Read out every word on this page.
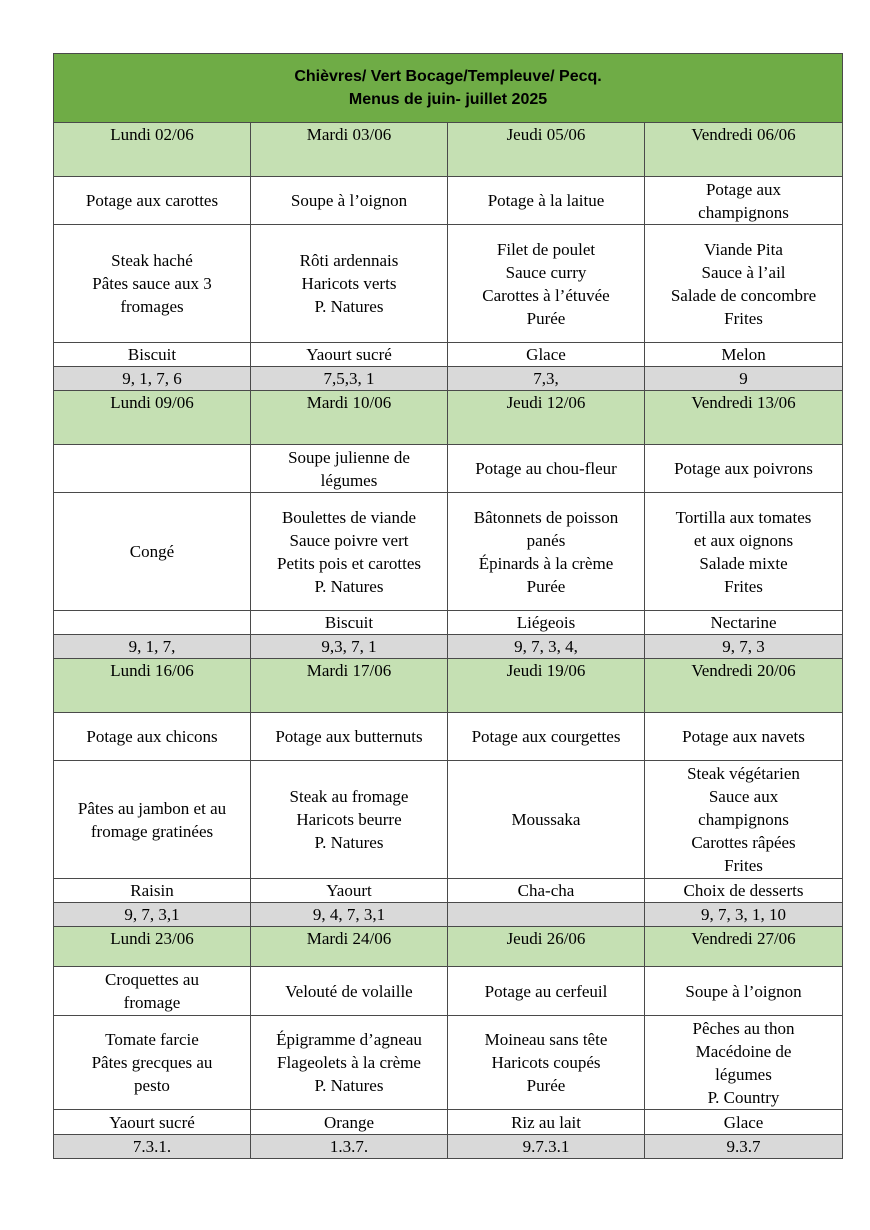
Chièvres/ Vert Bocage/Templeuve/ Pecq.
Menus de juin- juillet 2025			

Lundi 02/06	Mardi 03/06	Jeudi 05/06	Vendredi 06/06

Potage aux carottes	Soupe à l’oignon	Potage à la laitue	Potage aux
champignons

Steak haché
Pâtes sauce aux 3
fromages	Rôti ardennais
Haricots verts
P. Natures	Filet de poulet
Sauce curry
Carottes à l’étuvée
Purée	Viande Pita
Sauce à l’ail
Salade de concombre
Frites

Biscuit	Yaourt sucré	Glace	Melon
9, 1, 7, 6	7,5,3, 1	7,3,	9
Lundi 09/06	Mardi 10/06	Jeudi 12/06	Vendredi 13/06

	Soupe julienne de
légumes	Potage au chou-fleur	Potage aux poivrons

Congé	Boulettes de viande
Sauce poivre vert
Petits pois et carottes
P. Natures	Bâtonnets de poisson
panés
Épinards à la crème
Purée	Tortilla aux tomates
et aux oignons
Salade mixte
Frites

	Biscuit	Liégeois	Nectarine
9, 1, 7,	9,3, 7, 1	9, 7, 3, 4,	9, 7, 3
Lundi 16/06	Mardi 17/06	Jeudi 19/06	Vendredi 20/06

Potage aux chicons	Potage aux butternuts	Potage aux courgettes	Potage aux navets

Pâtes au jambon et au
fromage gratinées	Steak au fromage
Haricots beurre
P. Natures	Moussaka	Steak végétarien
Sauce aux
champignons
Carottes râpées
Frites

Raisin	Yaourt	Cha-cha	Choix de desserts
9, 7, 3,1	9, 4, 7, 3,1		9, 7, 3, 1, 10
Lundi 23/06	Mardi 24/06	Jeudi 26/06	Vendredi 27/06

Croquettes au
fromage	Velouté de volaille	Potage au cerfeuil	Soupe à l’oignon

Tomate farcie
Pâtes grecques au
pesto	Épigramme d’agneau
Flageolets à la crème
P. Natures	Moineau sans tête
Haricots coupés
Purée	Pêches au thon
Macédoine de
légumes
P. Country

Yaourt sucré	Orange	Riz au lait	Glace
7.3.1.	1.3.7.	9.7.3.1	9.3.7
